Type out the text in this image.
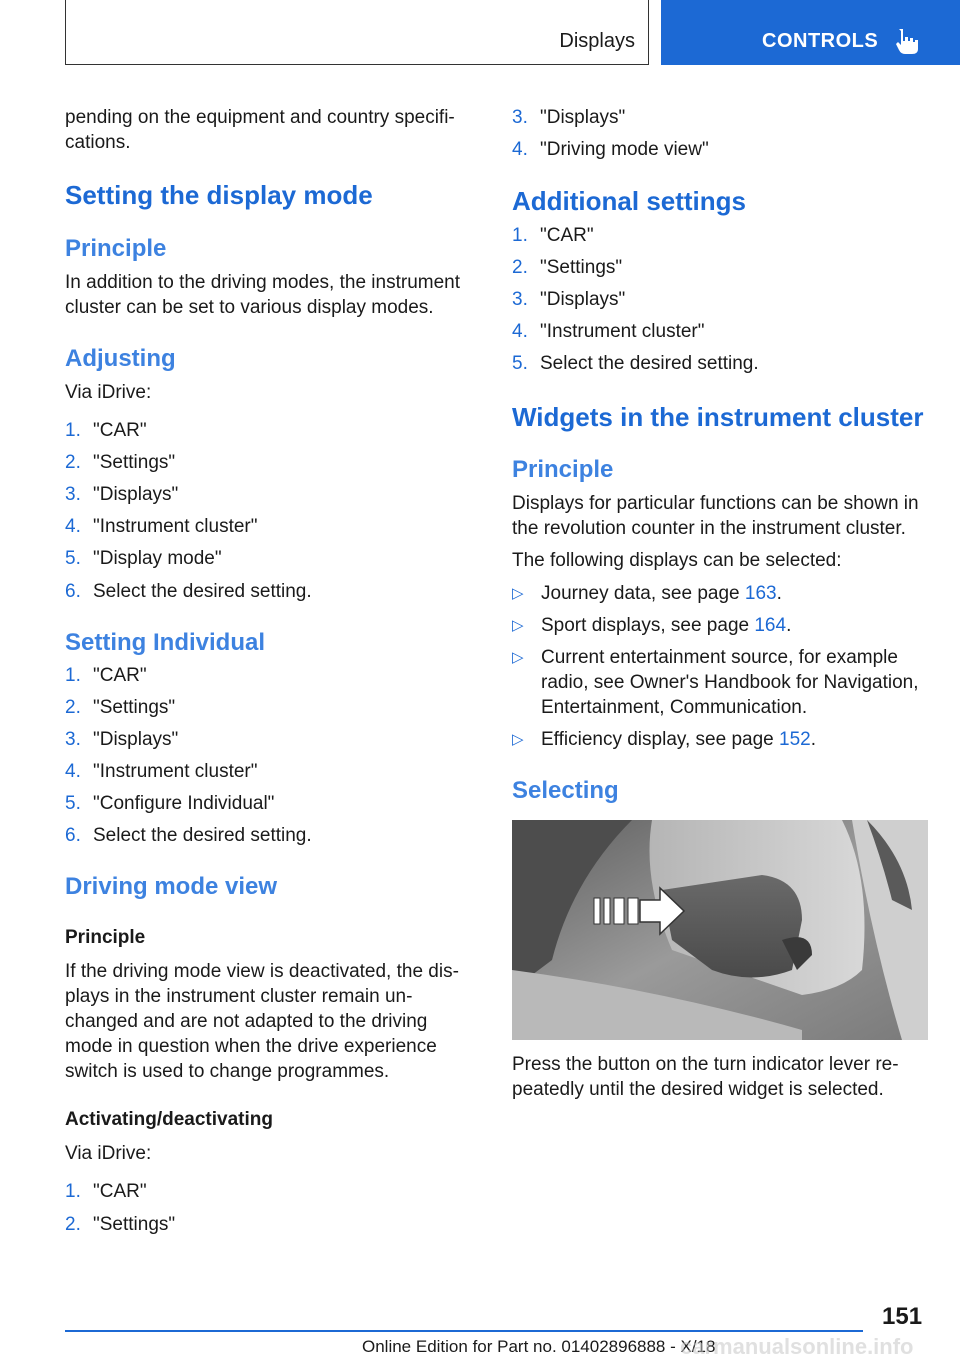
Displays	CONTROLS
pending on the equipment and country specifi-
cations.
Setting the display mode
Principle
In addition to the driving modes, the instrument
cluster can be set to various display modes.
Adjusting
Via iDrive:
1. "CAR"
2. "Settings"
3. "Displays"
4. "Instrument cluster"
5. "Display mode"
6. Select the desired setting.
Setting Individual
1. "CAR"
2. "Settings"
3. "Displays"
4. "Instrument cluster"
5. "Configure Individual"
6. Select the desired setting.
Driving mode view
Principle
If the driving mode view is deactivated, the dis-
plays in the instrument cluster remain un-
changed and are not adapted to the driving
mode in question when the drive experience
switch is used to change programmes.
Activating/deactivating
Via iDrive:
1. "CAR"
2. "Settings"
3. "Displays"
4. "Driving mode view"
Additional settings
1. "CAR"
2. "Settings"
3. "Displays"
4. "Instrument cluster"
5. Select the desired setting.
Widgets in the instrument cluster
Principle
Displays for particular functions can be shown in
the revolution counter in the instrument cluster.
The following displays can be selected:
▷ Journey data, see page 163.
▷ Sport displays, see page 164.
▷ Current entertainment source, for example
radio, see Owner's Handbook for Navigation,
Entertainment, Communication.
▷ Efficiency display, see page 152.
Selecting
Press the button on the turn indicator lever re-
peatedly until the desired widget is selected.
151
Online Edition for Part no. 01402896888 - X/18
carmanualsonline.info
